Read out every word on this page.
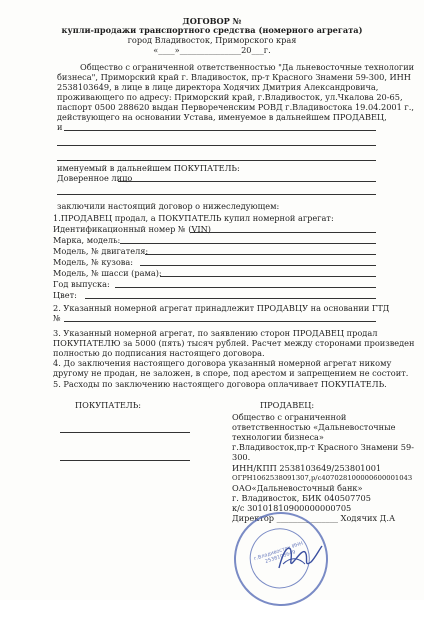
ДОГОВОР №
купли-продажи транспортного средства (номерного агрегата)
город Владивосток, Приморского края
«____»_______________20___г.
Общество с ограниченной ответственностью "Да льневосточные технологии
бизнеса", Приморский край г. Владивосток, пр-т Красного Знамени 59-300, ИНН
2538103649, в лице в лице директора Ходячих Дмитрия Александровича,
проживающего по адресу: Приморский край, г.Владивосток, ул.Чкалова 20-65,
паспорт 0500 288620 выдан Первореченским РОВД г.Владивостока 19.04.2001 г.,
действующего на основании Устава, именуемое в дальнейшем ПРОДАВЕЦ,
и
именуемый в дальнейшем ПОКУПАТЕЛЬ:
Доверенное лицо
заключили настоящий договор о нижеследующем:
1.ПРОДАВЕЦ продал, а ПОКУПАТЕЛЬ купил номерной агрегат:
Идентификационный номер № (VIN)
Марка, модель:
Модель, № двигателя:
Модель, № кузова:
Модель, № шасси (рама):
Год выпуска:
Цвет:
2. Указанный номерной агрегат принадлежит ПРОДАВЦУ на основании ГТД
№
3. Указанный номерной агрегат, по заявлению сторон ПРОДАВЕЦ продал
ПОКУПАТЕЛЮ за 5000 (пять) тысяч рублей. Расчет между сторонами произведен
полностью до подписания настоящего договора.
4. До заключения настоящего договора указанный номерной агрегат никому
другому не продан, не заложен, в споре, под арестом и запрещением не состоит.
5. Расходы по заключению настоящего договора оплачивает ПОКУПАТЕЛЬ.
ПОКУПАТЕЛЬ:	ПРОДАВЕЦ:
Общество с ограниченной
ответственностью «Дальневосточные
технологии бизнеса»
г.Владивосток,пр-т Красного Знамени 59-
300.
ИНН/КПП 2538103649/253801001
ОГРН1062538091307,р/с40702810000060000104З
ОАО«Дальневосточный банк»
г. Владивосток, БИК 040507705
к/с 30101810900000000705
Директор _______________ Ходячих Д.А
г.Владивосток ИНН 2538103649
